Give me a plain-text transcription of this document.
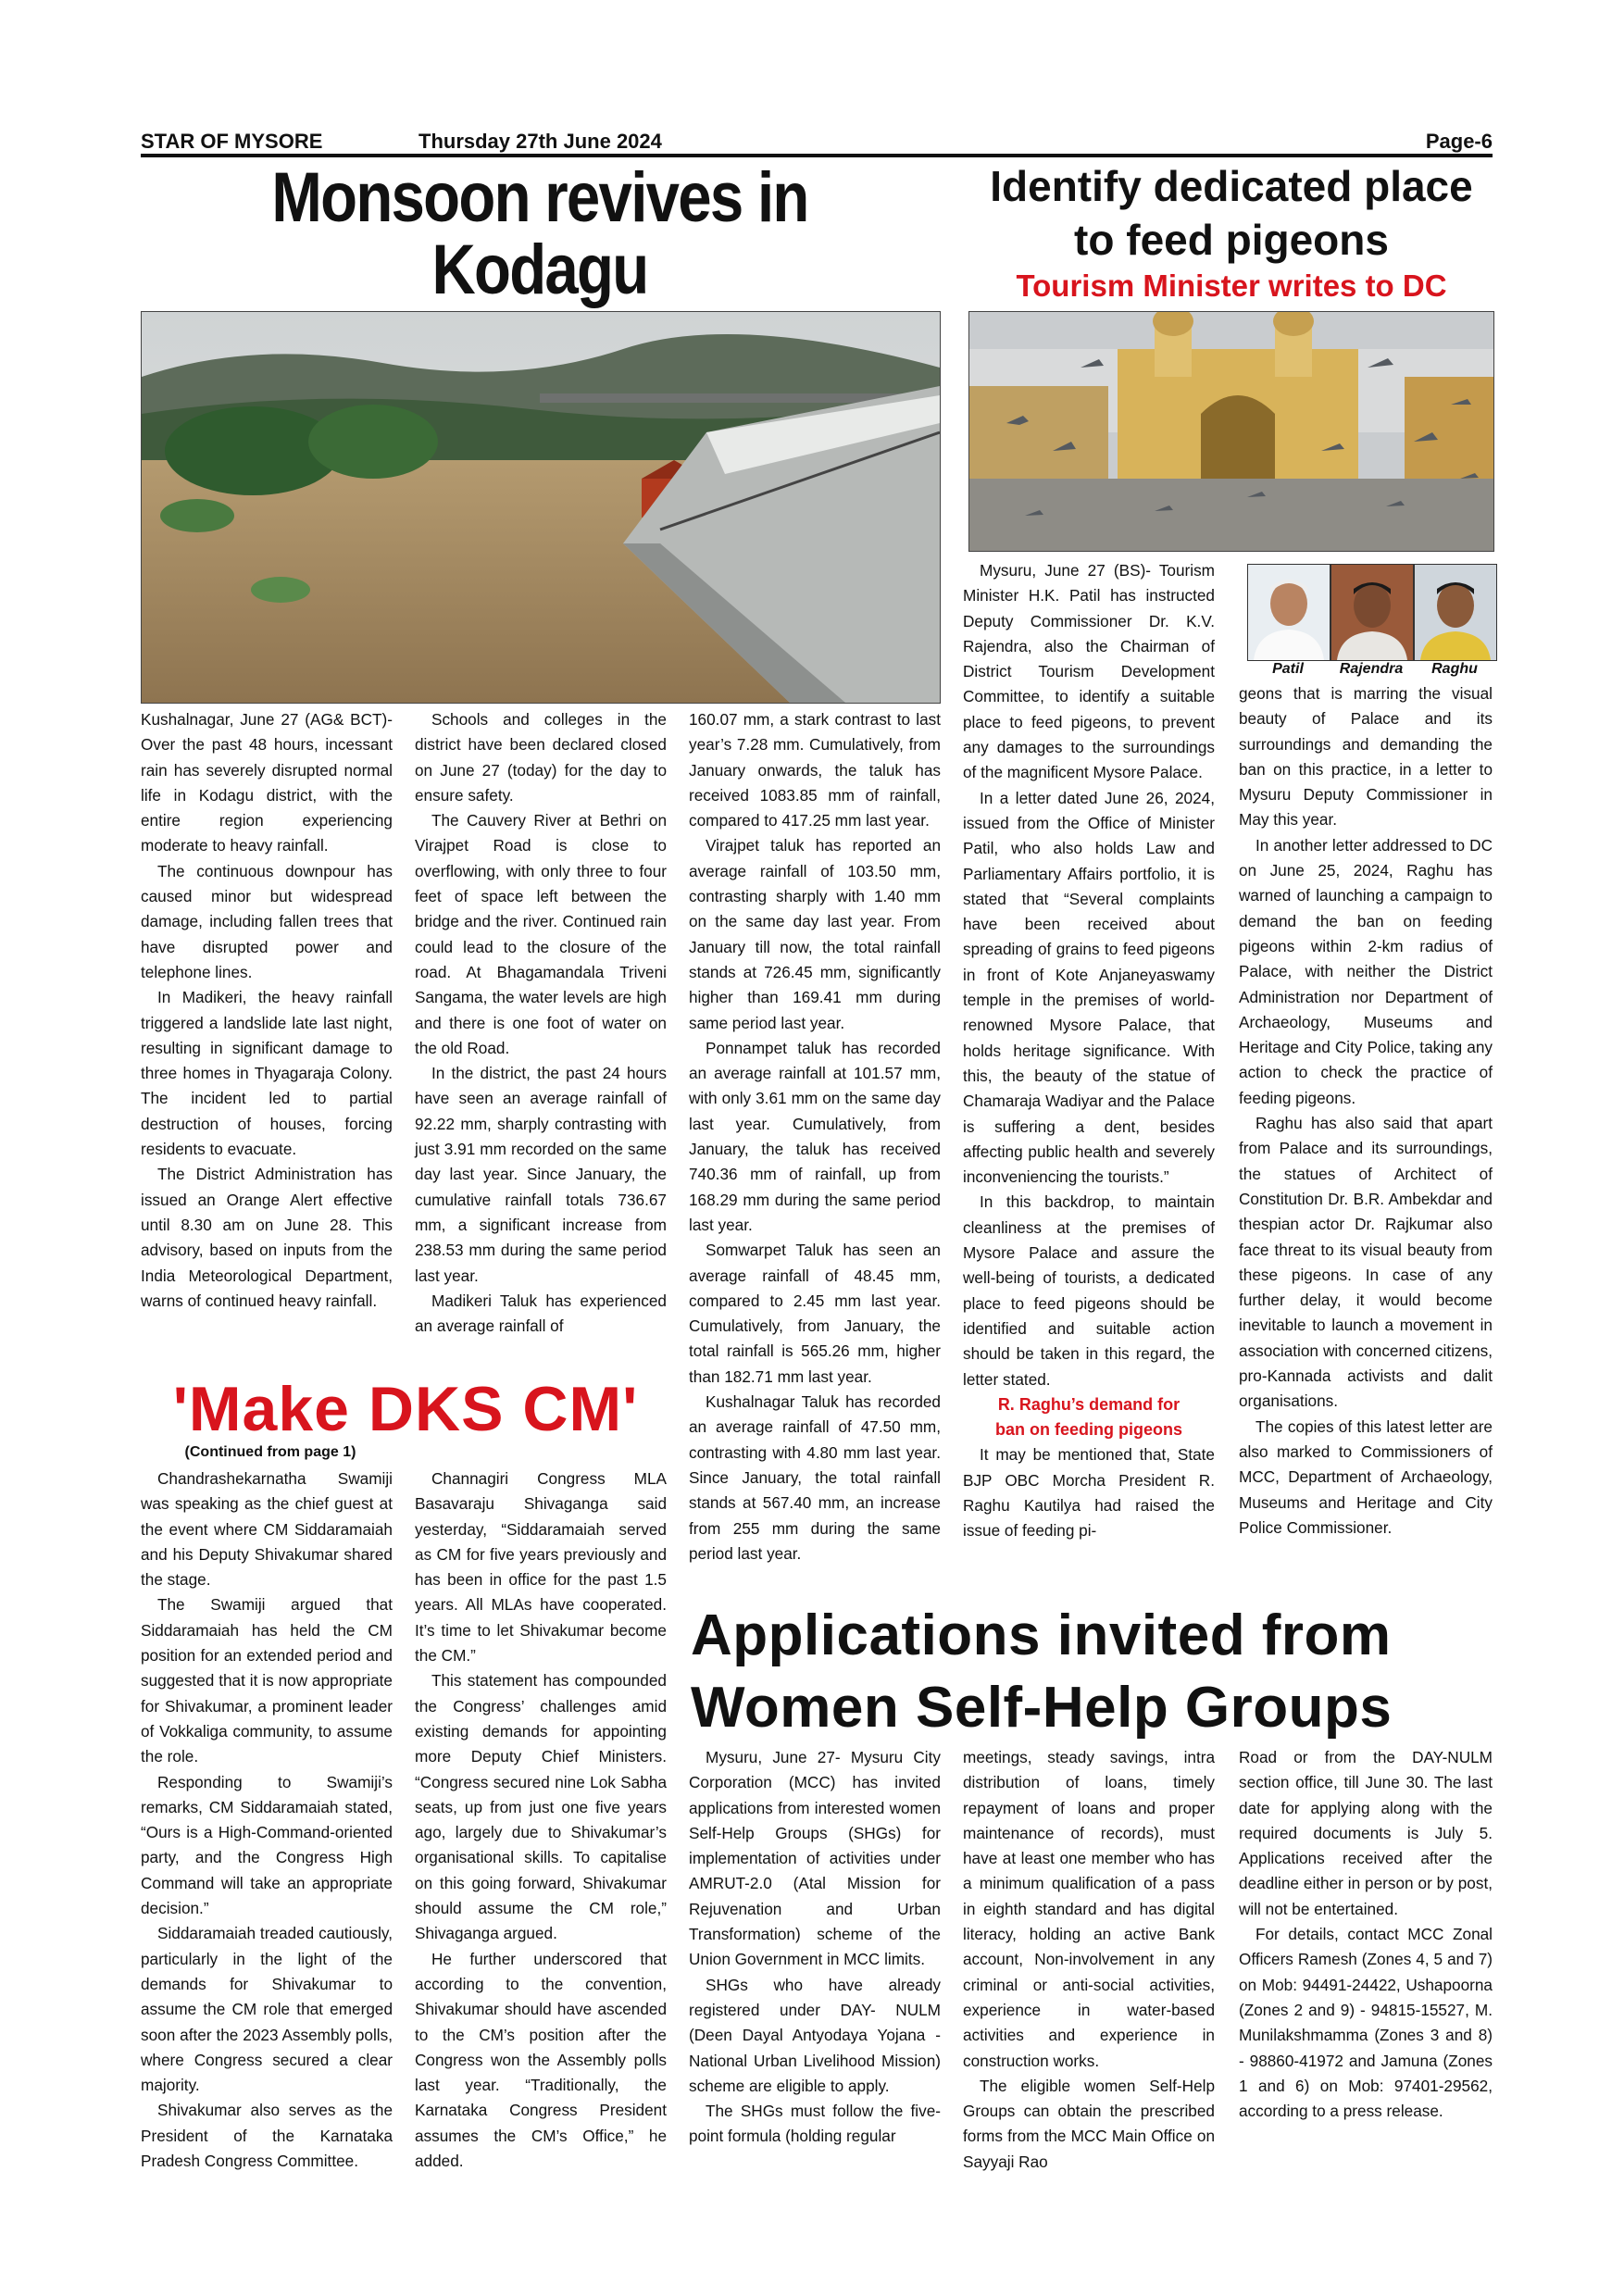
STAR OF MYSORE	Thursday 27th June 2024	Page-6
Monsoon revives in Kodagu
Identify dedicated place
to feed pigeons
Tourism Minister writes to DC
Patil	Rajendra	Raghu

Kushalnagar, June 27 (AG& BCT)- Over the past 48 hours, incessant rain has severely disrupted normal life in Kodagu district, with the entire region experiencing moderate to heavy rainfall.

The continuous downpour has caused minor but widespread damage, including fallen trees that have disrupted power and telephone lines.

In Madikeri, the heavy rainfall triggered a landslide late last night, resulting in significant damage to three homes in Thyagaraja Colony. The incident led to partial destruction of houses, forcing residents to evacuate.

The District Administration has issued an Orange Alert effective until 8.30 am on June 28. This advisory, based on inputs from the India Meteorological Department, warns of continued heavy rainfall.

Schools and colleges in the district have been declared closed on June 27 (today) for the day to ensure safety.

The Cauvery River at Bethri on Virajpet Road is close to overflowing, with only three to four feet of space left between the bridge and the river. Continued rain could lead to the closure of the road. At Bhagamandala Triveni Sangama, the water levels are high and there is one foot of water on the old Road.

In the district, the past 24 hours have seen an average rainfall of 92.22 mm, sharply contrasting with just 3.91 mm recorded on the same day last year. Since January, the cumulative rainfall totals 736.67 mm, a significant increase from 238.53 mm during the same period last year.

Madikeri Taluk has experienced an average rainfall of

160.07 mm, a stark contrast to last year’s 7.28 mm. Cumulatively, from January onwards, the taluk has received 1083.85 mm of rainfall, compared to 417.25 mm last year.

Virajpet taluk has reported an average rainfall of 103.50 mm, contrasting sharply with 1.40 mm on the same day last year. From January till now, the total rainfall stands at 726.45 mm, significantly higher than 169.41 mm during same period last year.

Ponnampet taluk has recorded an average rainfall at 101.57 mm, with only 3.61 mm on the same day last year. Cumulatively, from January, the taluk has received 740.36 mm of rainfall, up from 168.29 mm during the same period last year.

Somwarpet Taluk has seen an average rainfall of 48.45 mm, compared to 2.45 mm last year. Cumulatively, from January, the total rainfall is 565.26 mm, higher than 182.71 mm last year.

Kushalnagar Taluk has recorded an average rainfall of 47.50 mm, contrasting with 4.80 mm last year. Since January, the total rainfall stands at 567.40 mm, an increase from 255 mm during the same period last year.

Mysuru, June 27 (BS)- Tourism Minister H.K. Patil has instructed Deputy Commissioner Dr. K.V. Rajendra, also the Chairman of District Tourism Development Committee, to identify a suitable place to feed pigeons, to prevent any damages to the surroundings of the magnificent Mysore Palace.

In a letter dated June 26, 2024, issued from the Office of Minister Patil, who also holds Law and Parliamentary Affairs portfolio, it is stated that “Several complaints have been received about spreading of grains to feed pigeons in front of Kote Anjaneyaswamy temple in the premises of world-renowned Mysore Palace, that holds heritage significance. With this, the beauty of the statue of Chamaraja Wadiyar and the Palace is suffering a dent, besides affecting public health and severely inconveniencing the tourists.”

In this backdrop, to maintain cleanliness at the premises of Mysore Palace and assure the well-being of tourists, a dedicated place to feed pigeons should be identified and suitable action should be taken in this regard, the letter stated.

R. Raghu’s demand for
ban on feeding pigeons

It may be mentioned that, State BJP OBC Morcha President R. Raghu Kautilya had raised the issue of feeding pi-

geons that is marring the visual beauty of Palace and its surroundings and demanding the ban on this practice, in a letter to Mysuru Deputy Commissioner in May this year.

In another letter addressed to DC on June 25, 2024, Raghu has warned of launching a campaign to demand the ban on feeding pigeons within 2-km radius of Palace, with neither the District Administration nor Department of Archaeology, Museums and Heritage and City Police, taking any action to check the practice of feeding pigeons.

Raghu has also said that apart from Palace and its surroundings, the statues of Architect of Constitution Dr. B.R. Ambekdar and thespian actor Dr. Rajkumar also face threat to its visual beauty from these pigeons. In case of any further delay, it would become inevitable to launch a movement in association with concerned citizens, pro-Kannada activists and dalit organisations.

The copies of this latest letter are also marked to Commissioners of MCC, Department of Archaeology, Museums and Heritage and City Police Commissioner.

'Make DKS CM'
(Continued from page 1)

Chandrashekarnatha Swamiji was speaking as the chief guest at the event where CM Siddaramaiah and his Deputy Shivakumar shared the stage.

The Swamiji argued that Siddaramaiah has held the CM position for an extended period and suggested that it is now appropriate for Shivakumar, a prominent leader of Vokkaliga community, to assume the role.

Responding to Swamiji’s remarks, CM Siddaramaiah stated, “Ours is a High-Command-oriented party, and the Congress High Command will take an appropriate decision.”

Siddaramaiah treaded cautiously, particularly in the light of the demands for Shivakumar to assume the CM role that emerged soon after the 2023 Assembly polls, where Congress secured a clear majority.

Shivakumar also serves as the President of the Karnataka Pradesh Congress Committee.

Channagiri Congress MLA Basavaraju Shivaganga said yesterday, “Siddaramaiah served as CM for five years previously and has been in office for the past 1.5 years. All MLAs have cooperated. It’s time to let Shivakumar become the CM.”

This statement has compounded the Congress’ challenges amid existing demands for appointing more Deputy Chief Ministers. “Congress secured nine Lok Sabha seats, up from just one five years ago, largely due to Shivakumar’s organisational skills. To capitalise on this going forward, Shivakumar should assume the CM role,” Shivaganga argued.

He further underscored that according to the convention, Shivakumar should have ascended to the CM’s position after the Congress won the Assembly polls last year. “Traditionally, the Karnataka Congress President assumes the CM’s Office,” he added.

Applications invited from
Women Self-Help Groups

Mysuru, June 27- Mysuru City Corporation (MCC) has invited applications from interested women Self-Help Groups (SHGs) for implementation of activities under AMRUT-2.0 (Atal Mission for Rejuvenation and Urban Transformation) scheme of the Union Government in MCC limits.

SHGs who have already registered under DAY- NULM (Deen Dayal Antyodaya Yojana - National Urban Livelihood Mission) scheme are eligible to apply.

The SHGs must follow the five-point formula (holding regular

meetings, steady savings, intra distribution of loans, timely repayment of loans and proper maintenance of records), must have at least one member who has a minimum qualification of a pass in eighth standard and has digital literacy, holding an active Bank account, Non-involvement in any criminal or anti-social activities, experience in water-based activities and experience in construction works.

The eligible women Self-Help Groups can obtain the prescribed forms from the MCC Main Office on Sayyaji Rao

Road or from the DAY-NULM section office, till June 30. The last date for applying along with the required documents is July 5. Applications received after the deadline either in person or by post, will not be entertained.

For details, contact MCC Zonal Officers Ramesh (Zones 4, 5 and 7) on Mob: 94491-24422, Ushapoorna (Zones 2 and 9) - 94815-15527, M. Munilakshmamma (Zones 3 and 8) - 98860-41972 and Jamuna (Zones 1 and 6) on Mob: 97401-29562, according to a press release.
